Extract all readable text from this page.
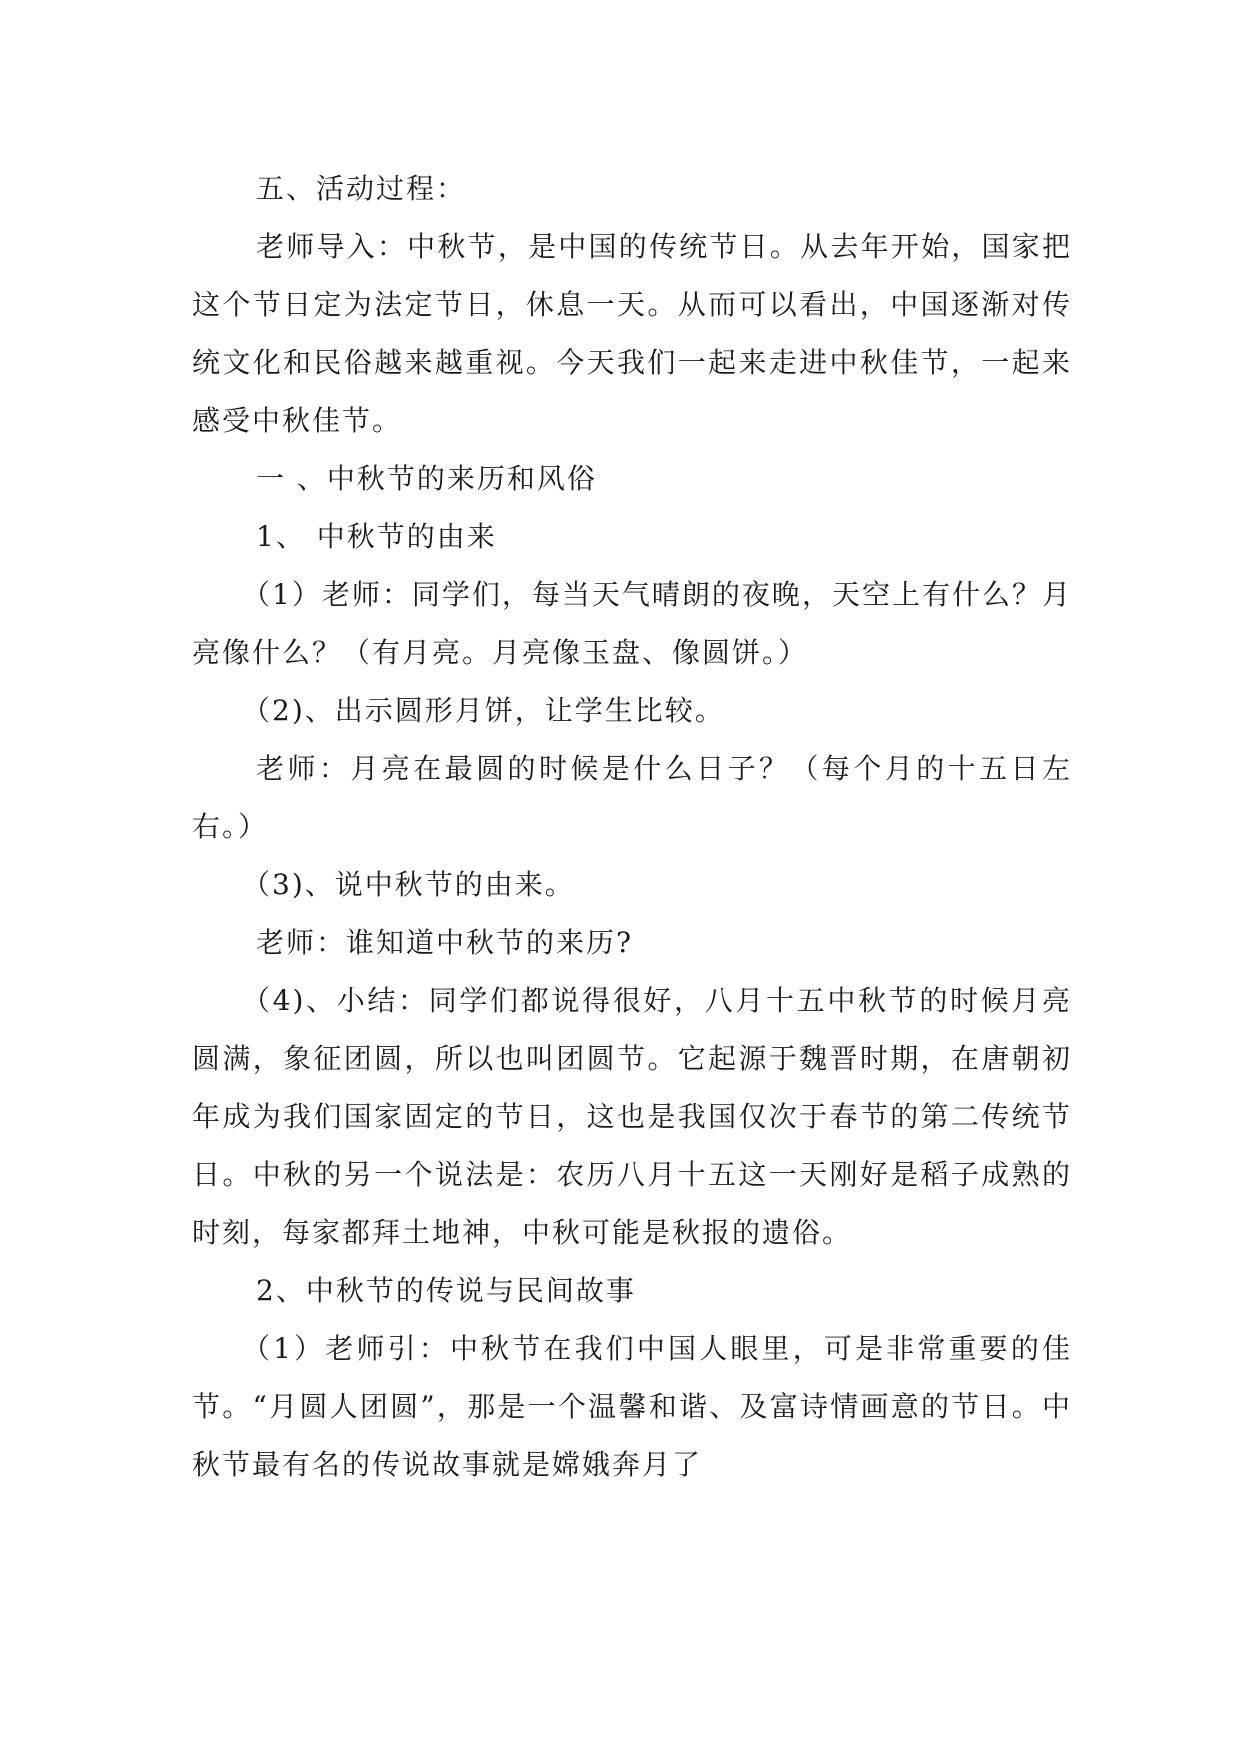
五、活动过程：

老师导入：中秋节，是中国的传统节日。从去年开始，国家把这个节日定为法定节日，休息一天。从而可以看出，中国逐渐对传统文化和民俗越来越重视。今天我们一起来走进中秋佳节，一起来感受中秋佳节。

一 、中秋节的来历和风俗

1、 中秋节的由来

（1）老师：同学们，每当天气晴朗的夜晚，天空上有什么？月亮像什么？（有月亮。月亮像玉盘、像圆饼。）

（2)、出示圆形月饼，让学生比较。

老师：月亮在最圆的时候是什么日子？（每个月的十五日左右。）

（3)、说中秋节的由来。

老师：谁知道中秋节的来历?

（4)、小结：同学们都说得很好，八月十五中秋节的时候月亮圆满，象征团圆，所以也叫团圆节。它起源于魏晋时期，在唐朝初年成为我们国家固定的节日，这也是我国仅次于春节的第二传统节日。中秋的另一个说法是：农历八月十五这一天刚好是稻子成熟的时刻，每家都拜土地神，中秋可能是秋报的遗俗。

2、中秋节的传说与民间故事

（1）老师引：中秋节在我们中国人眼里，可是非常重要的佳节。“月圆人团圆”，那是一个温馨和谐、及富诗情画意的节日。中秋节最有名的传说故事就是嫦娥奔月了
